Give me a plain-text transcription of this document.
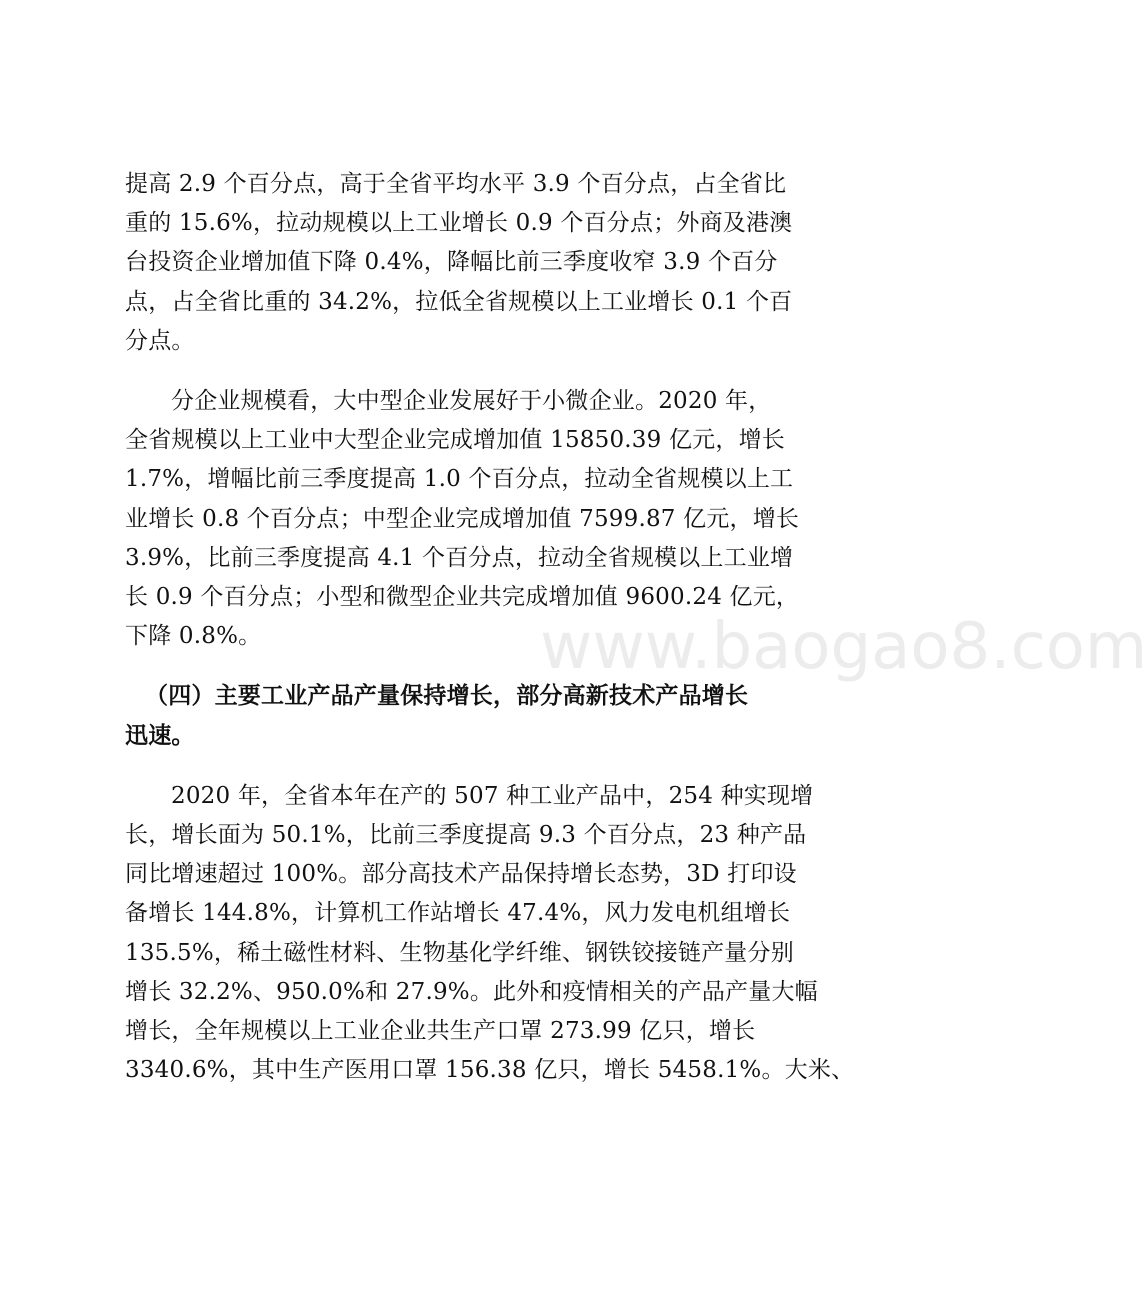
提高 2.9 个百分点，高于全省平均水平 3.9 个百分点，占全省比
重的 15.6%，拉动规模以上工业增长 0.9 个百分点；外商及港澳
台投资企业增加值下降 0.4%，降幅比前三季度收窄 3.9 个百分
点，占全省比重的 34.2%，拉低全省规模以上工业增长 0.1 个百
分点。

分企业规模看，大中型企业发展好于小微企业。2020 年，
全省规模以上工业中大型企业完成增加值 15850.39 亿元，增长
1.7%，增幅比前三季度提高 1.0 个百分点，拉动全省规模以上工
业增长 0.8 个百分点；中型企业完成增加值 7599.87 亿元，增长
3.9%，比前三季度提高 4.1 个百分点，拉动全省规模以上工业增
长 0.9 个百分点；小型和微型企业共完成增加值 9600.24 亿元，
下降 0.8%。

（四）主要工业产品产量保持增长，部分高新技术产品增长
迅速。

2020 年，全省本年在产的 507 种工业产品中，254 种实现增
长，增长面为 50.1%，比前三季度提高 9.3 个百分点，23 种产品
同比增速超过 100%。部分高技术产品保持增长态势，3D 打印设
备增长 144.8%，计算机工作站增长 47.4%，风力发电机组增长
135.5%，稀土磁性材料、生物基化学纤维、钢铁铰接链产量分别
增长 32.2%、950.0%和 27.9%。此外和疫情相关的产品产量大幅
增长，全年规模以上工业企业共生产口罩 273.99 亿只，增长
3340.6%，其中生产医用口罩 156.38 亿只，增长 5458.1%。大米、

www.baogao8.com
